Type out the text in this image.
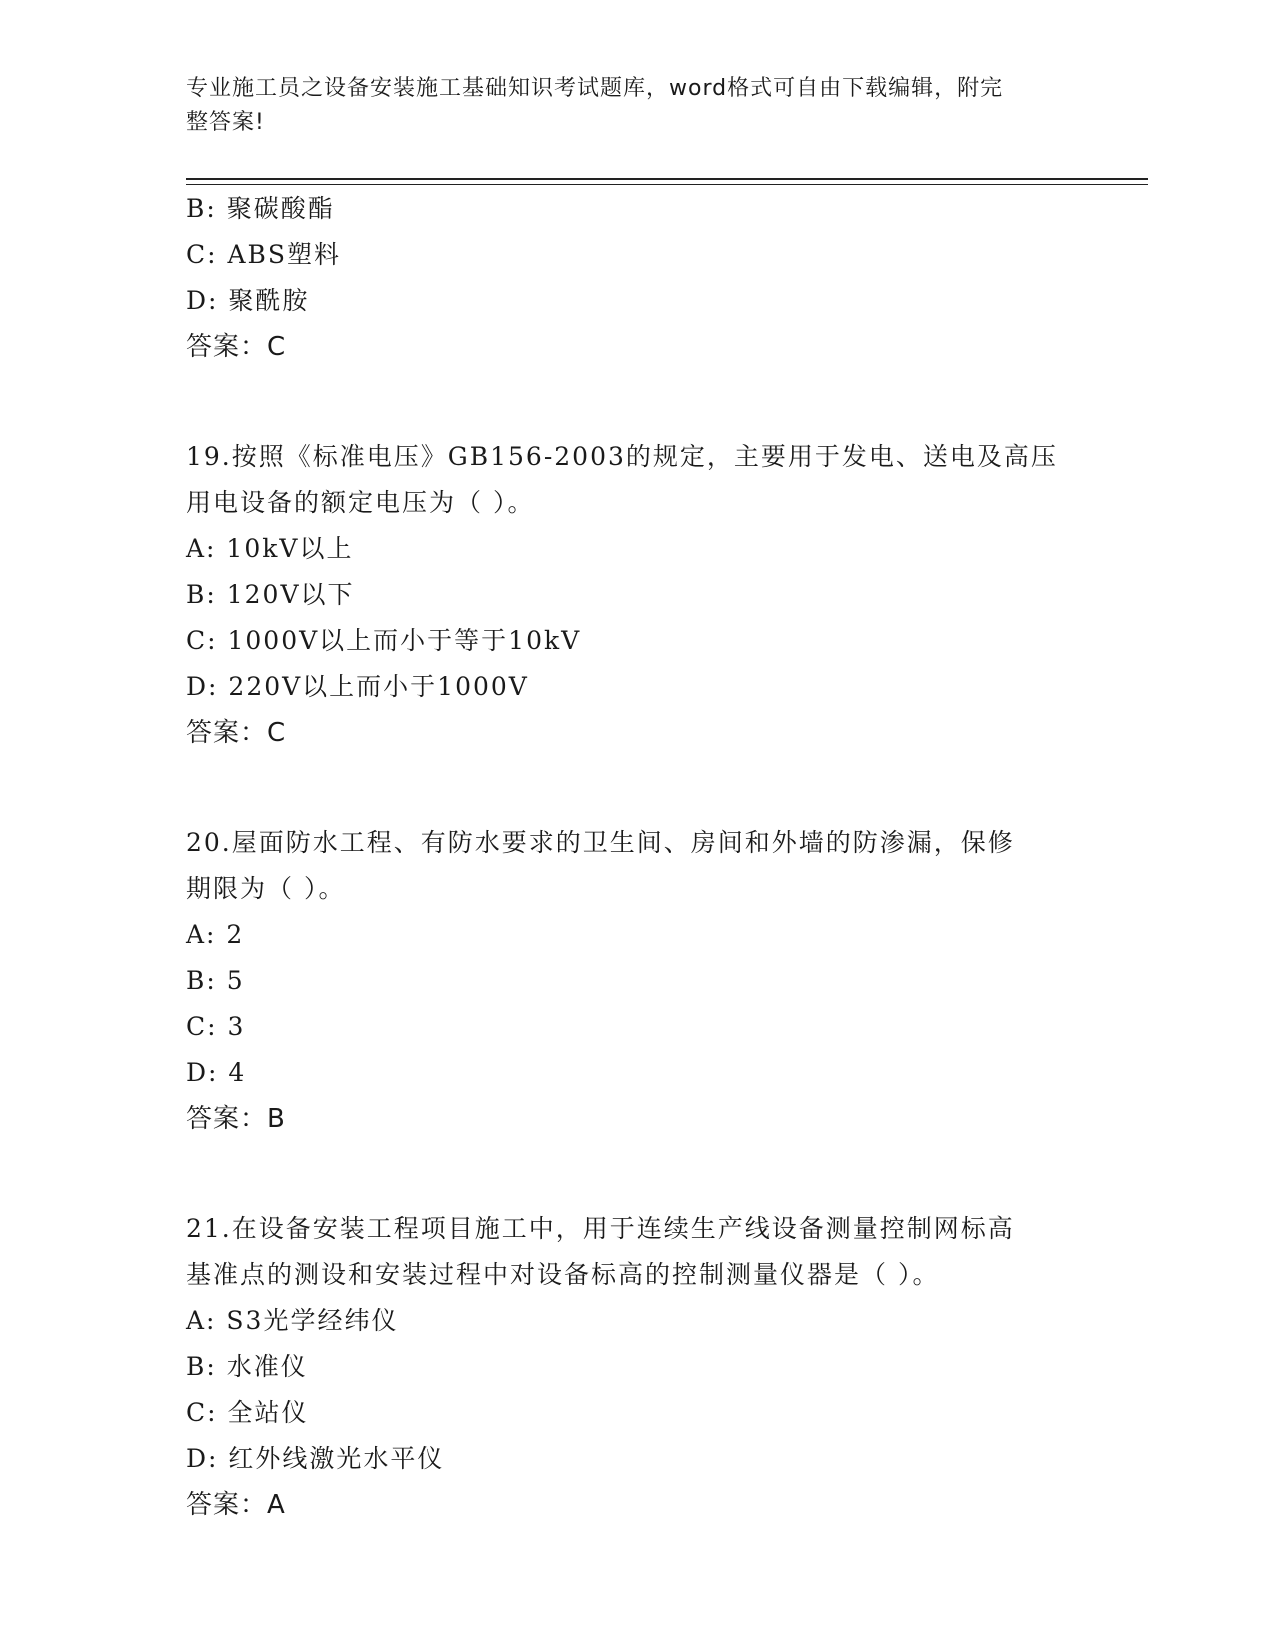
专业施工员之设备安装施工基础知识考试题库，word格式可自由下载编辑，附完
整答案!
B: 聚碳酸酯
C: ABS塑料
D: 聚酰胺
答案：C
19.按照《标准电压》GB156-2003的规定，主要用于发电、送电及高压
用电设备的额定电压为（ ）。
A: 10kV以上
B: 120V以下
C: 1000V以上而小于等于10kV
D: 220V以上而小于1000V
答案：C
20.屋面防水工程、有防水要求的卫生间、房间和外墙的防渗漏，保修
期限为（ ）。
A: 2
B: 5
C: 3
D: 4
答案：B
21.在设备安装工程项目施工中，用于连续生产线设备测量控制网标高
基准点的测设和安装过程中对设备标高的控制测量仪器是（ ）。
A: S3光学经纬仪
B: 水准仪
C: 全站仪
D: 红外线激光水平仪
答案：A
